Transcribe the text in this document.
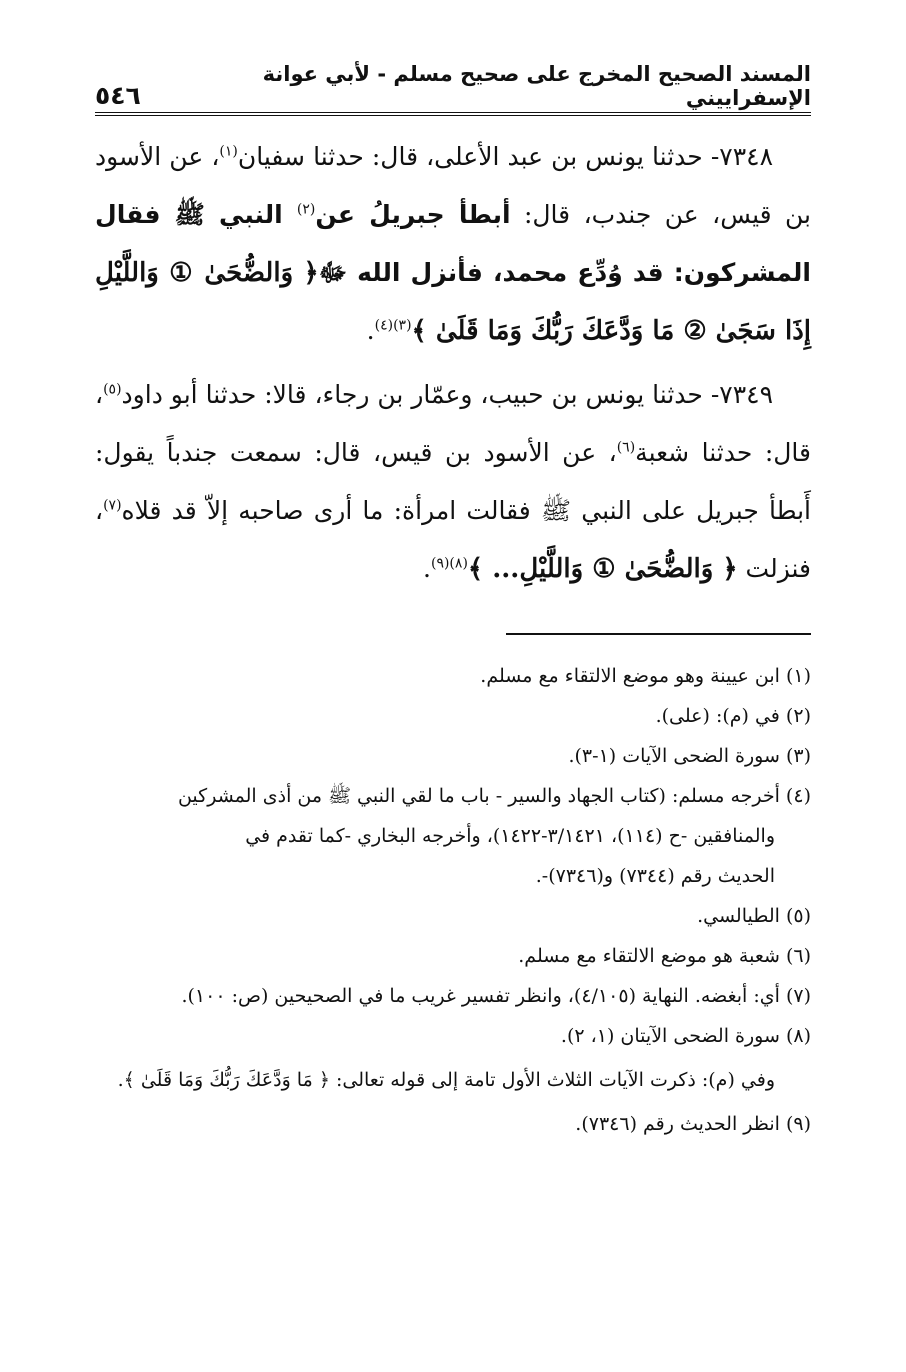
المسند الصحيح المخرج على صحيح مسلم - لأبي عوانة الإسفراييني
٥٤٦

٧٣٤٨- حدثنا يونس بن عبد الأعلى، قال: حدثنا سفيان$^{(١)}$، عن الأسود بن قيس، عن جندب، قال: أبطأ جبريلُ عن$^{(٢)}$ النبي ﷺ فقال المشركون: قد وُدِّع محمد، فأنزل الله ﷻ﴿ وَالضُّحَىٰ ① وَاللَّيْلِ إِذَا سَجَىٰ ② مَا وَدَّعَكَ رَبُّكَ وَمَا قَلَىٰ ﴾$^{(٣)(٤)}$.

٧٣٤٩- حدثنا يونس بن حبيب، وعمّار بن رجاء، قالا: حدثنا أبو داود$^{(٥)}$، قال: حدثنا شعبة$^{(٦)}$، عن الأسود بن قيس، قال: سمعت جندباً يقول: أَبطأ جبريل على النبي ﷺ فقالت امرأة: ما أرى صاحبه إلاّ قد قلاه$^{(٧)}$، فنزلت ﴿ وَالضُّحَىٰ ① وَاللَّيْلِ... ﴾$^{(٨)(٩)}$.

(١) ابن عيينة وهو موضع الالتقاء مع مسلم.

(٢) في (م): (على).

(٣) سورة الضحى الآيات (١-٣).

(٤) أخرجه مسلم: (كتاب الجهاد والسير - باب ما لقي النبي ﷺ من أذى المشركين

والمنافقين -ح (١١٤)، ٣/١٤٢١-١٤٢٢)، وأخرجه البخاري -كما تقدم في

الحديث رقم (٧٣٤٤) و(٧٣٤٦)-.

(٥) الطيالسي.

(٦) شعبة هو موضع الالتقاء مع مسلم.

(٧) أي: أبغضه. النهاية (٤/١٠٥)، وانظر تفسير غريب ما في الصحيحين (ص: ١٠٠).

(٨) سورة الضحى الآيتان (١، ٢).

وفي (م): ذكرت الآيات الثلاث الأول تامة إلى قوله تعالى: ﴿ مَا وَدَّعَكَ رَبُّكَ وَمَا قَلَىٰ ﴾.

(٩) انظر الحديث رقم (٧٣٤٦).
